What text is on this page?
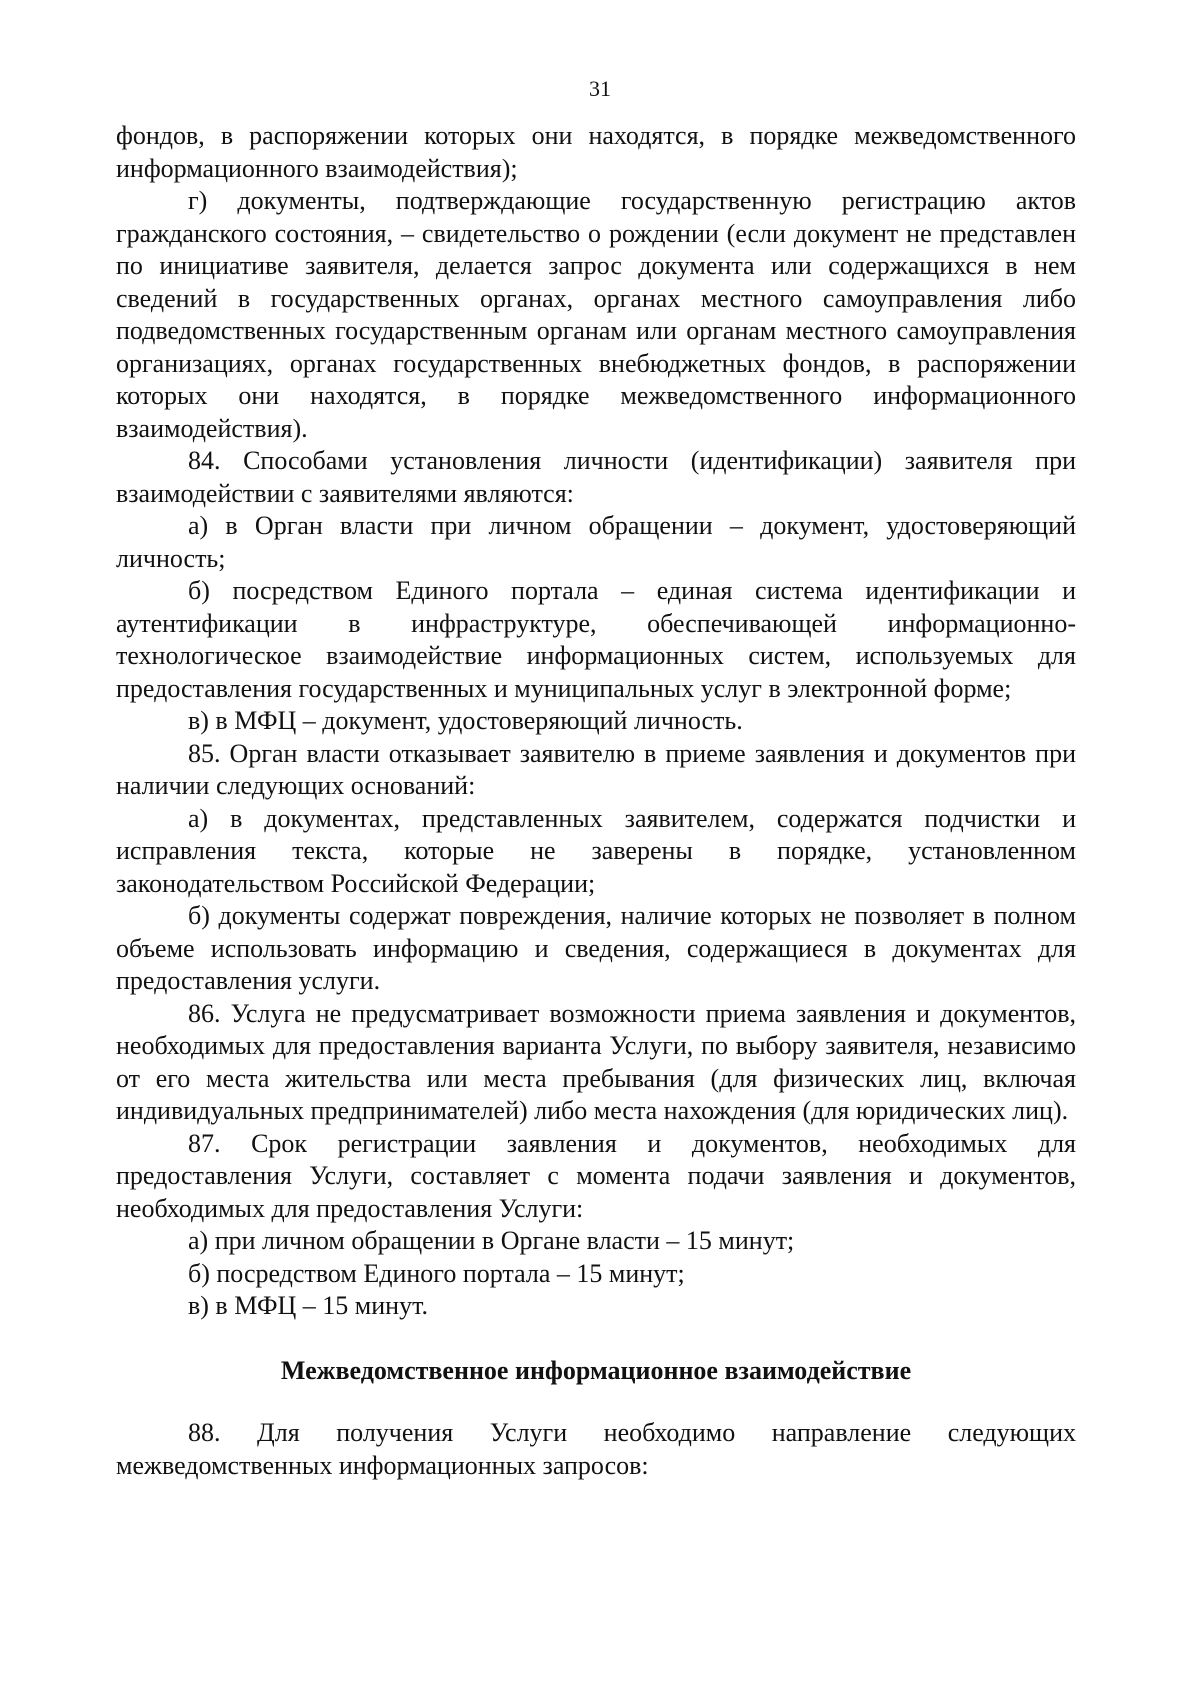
31

фондов, в распоряжении которых они находятся, в порядке межведомственного информационного взаимодействия);

г) документы, подтверждающие государственную регистрацию актов гражданского состояния, – свидетельство о рождении (если документ не представлен по инициативе заявителя, делается запрос документа или содержащихся в нем сведений в государственных органах, органах местного самоуправления либо подведомственных государственным органам или органам местного самоуправления организациях, органах государственных внебюджетных фондов, в распоряжении которых они находятся, в порядке межведомственного информационного взаимодействия).

84. Способами установления личности (идентификации) заявителя при взаимодействии с заявителями являются:

а) в Орган власти при личном обращении – документ, удостоверяющий личность;

б) посредством Единого портала – единая система идентификации и аутентификации в инфраструктуре, обеспечивающей информационно-технологическое взаимодействие информационных систем, используемых для предоставления государственных и муниципальных услуг в электронной форме;

в) в МФЦ – документ, удостоверяющий личность.

85. Орган власти отказывает заявителю в приеме заявления и документов при наличии следующих оснований:

а) в документах, представленных заявителем, содержатся подчистки и исправления текста, которые не заверены в порядке, установленном законодательством Российской Федерации;

б) документы содержат повреждения, наличие которых не позволяет в полном объеме использовать информацию и сведения, содержащиеся в документах для предоставления услуги.

86. Услуга не предусматривает возможности приема заявления и документов, необходимых для предоставления варианта Услуги, по выбору заявителя, независимо от его места жительства или места пребывания (для физических лиц, включая индивидуальных предпринимателей) либо места нахождения (для юридических лиц).

87. Срок регистрации заявления и документов, необходимых для предоставления Услуги, составляет с момента подачи заявления и документов, необходимых для предоставления Услуги:

а) при личном обращении в Органе власти – 15 минут;

б) посредством Единого портала – 15 минут;

в) в МФЦ – 15 минут.

Межведомственное информационное взаимодействие

88. Для получения Услуги необходимо направление следующих межведомственных информационных запросов:
